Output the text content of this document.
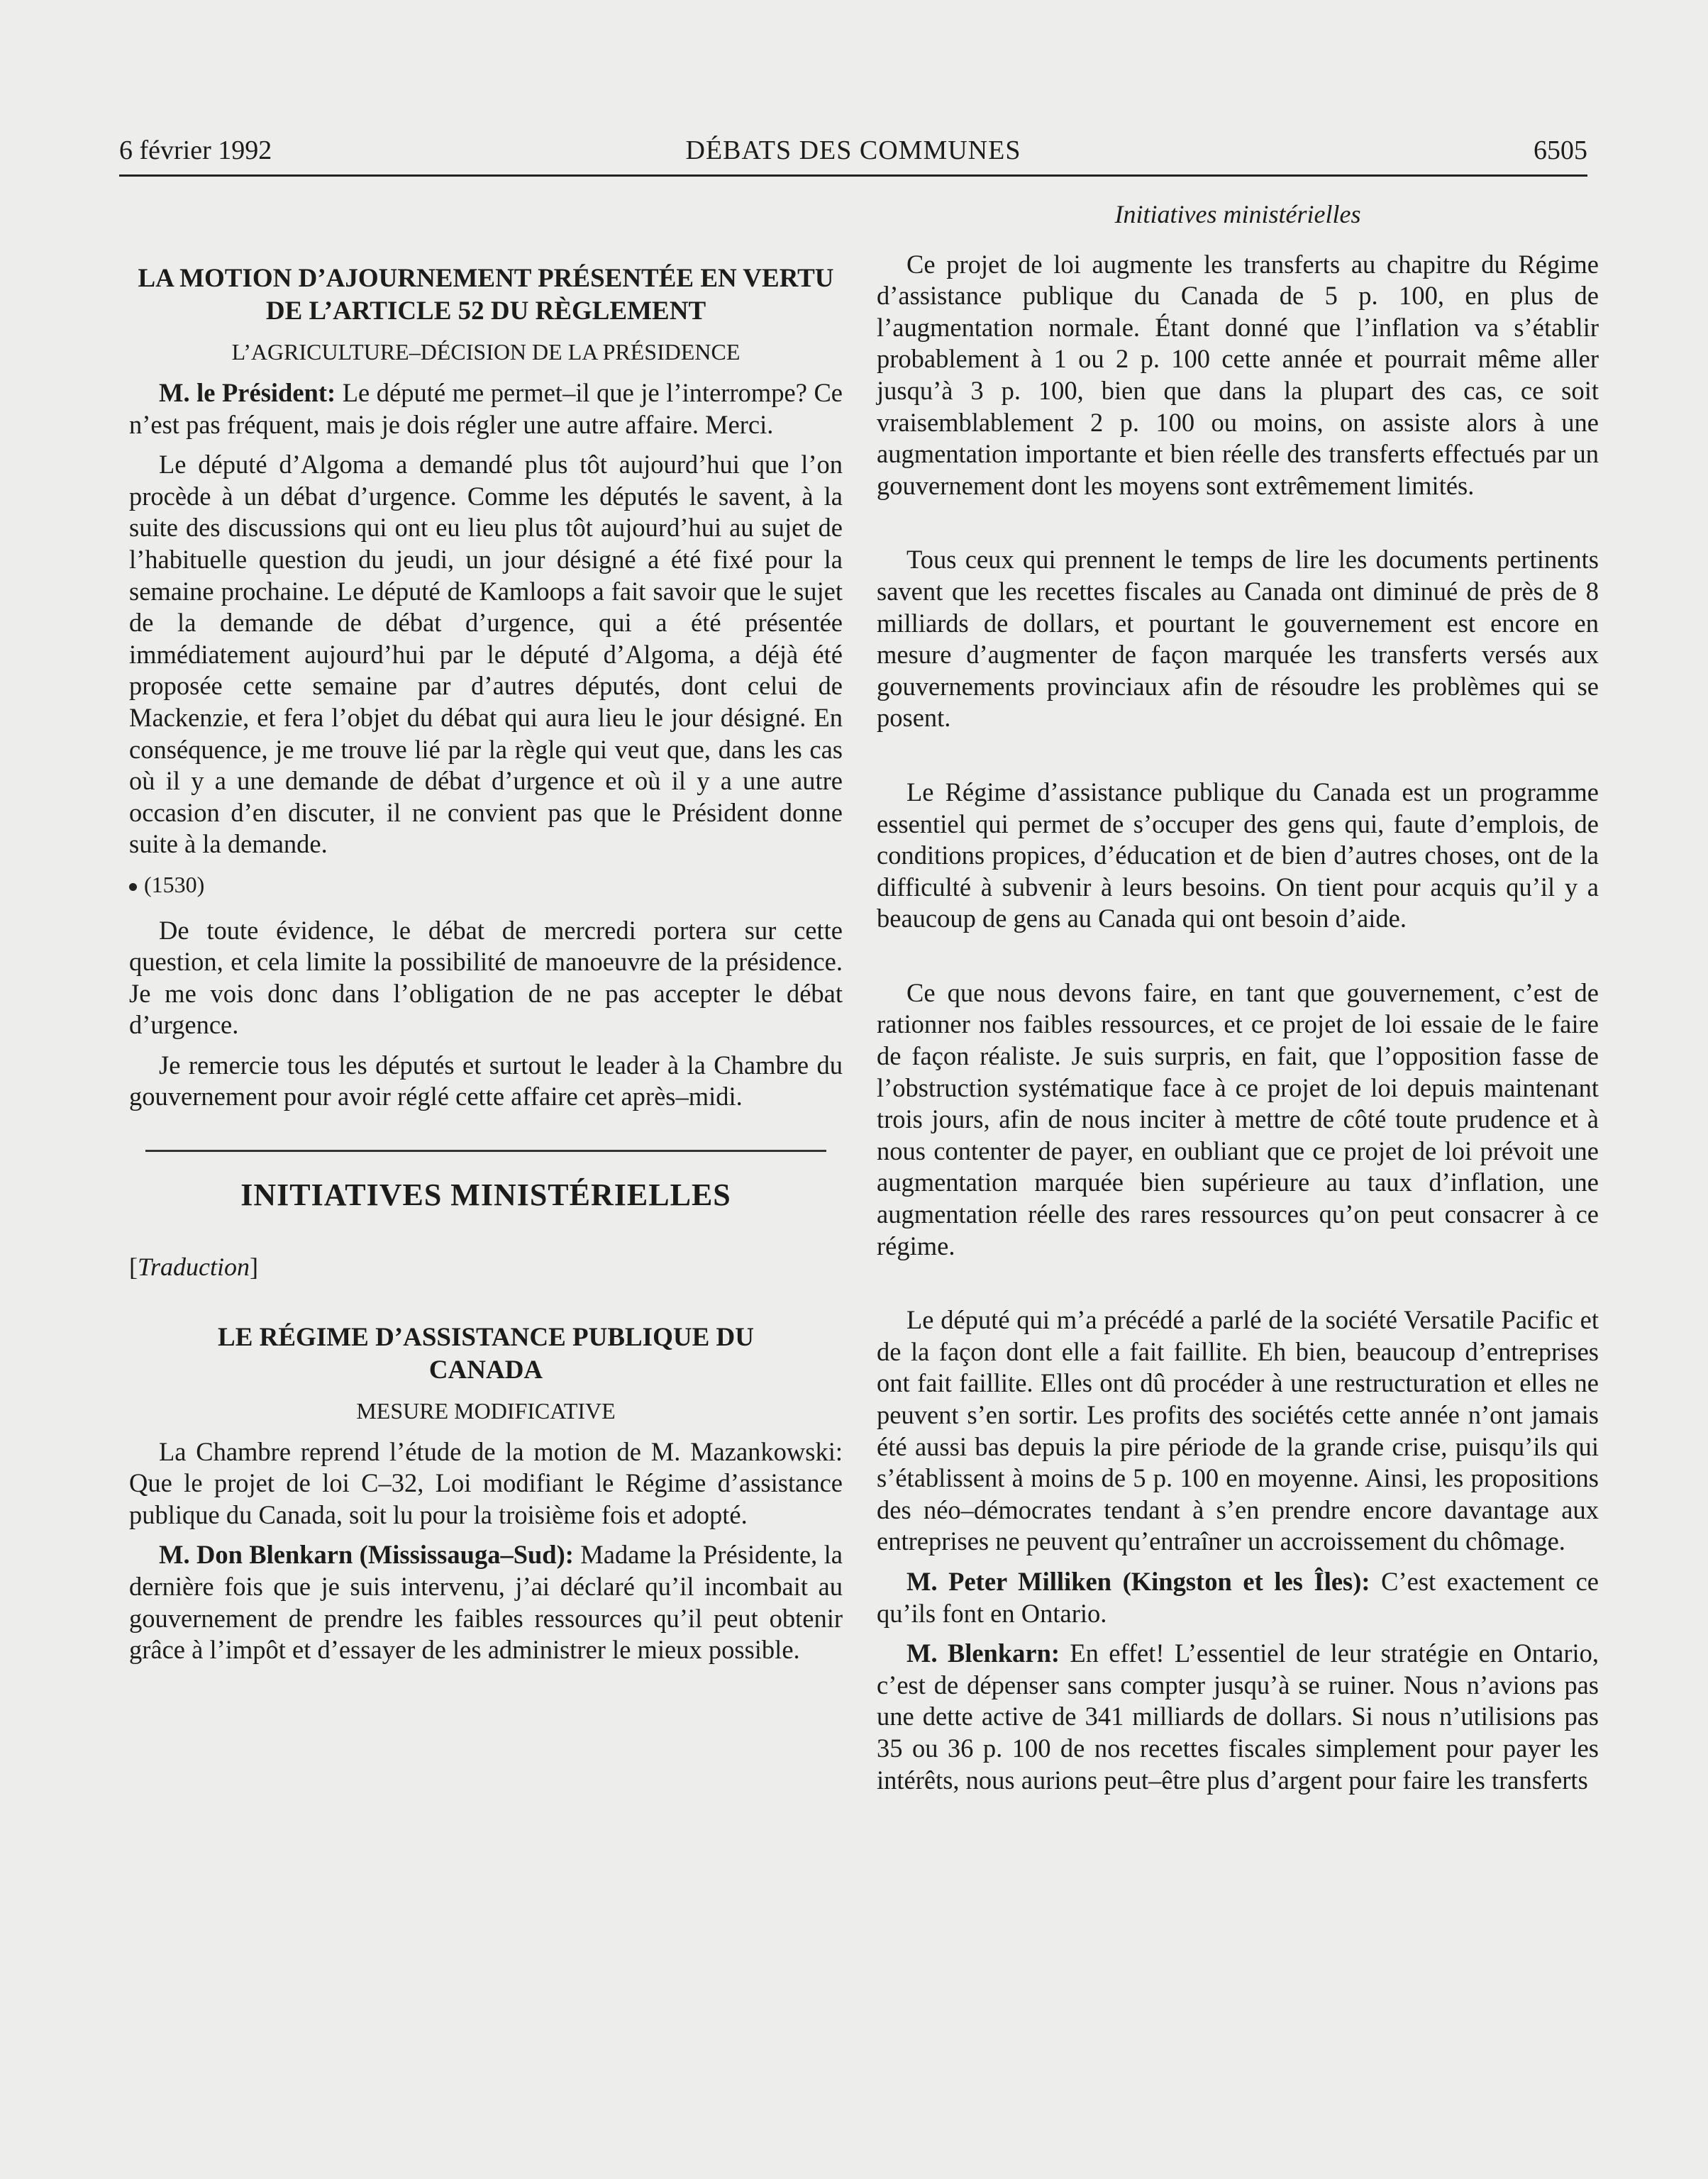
6 février 1992	DÉBATS DES COMMUNES	6505
LA MOTION D’AJOURNEMENT PRÉSENTÉE EN VERTU DE L’ARTICLE 52 DU RÈGLEMENT
L’AGRICULTURE–DÉCISION DE LA PRÉSIDENCE

M. le Président: Le député me permet–il que je l’interrompe? Ce n’est pas fréquent, mais je dois régler une autre affaire. Merci.

Le député d’Algoma a demandé plus tôt aujourd’hui que l’on procède à un débat d’urgence. Comme les députés le savent, à la suite des discussions qui ont eu lieu plus tôt aujourd’hui au sujet de l’habituelle question du jeudi, un jour désigné a été fixé pour la semaine prochaine. Le député de Kamloops a fait savoir que le sujet de la demande de débat d’urgence, qui a été présentée immédiatement aujourd’hui par le député d’Algoma, a déjà été proposée cette semaine par d’autres députés, dont celui de Mackenzie, et fera l’objet du débat qui aura lieu le jour désigné. En conséquence, je me trouve lié par la règle qui veut que, dans les cas où il y a une demande de débat d’urgence et où il y a une autre occasion d’en discuter, il ne convient pas que le Président donne suite à la demande.

(1530)

De toute évidence, le débat de mercredi portera sur cette question, et cela limite la possibilité de manoeuvre de la présidence. Je me vois donc dans l’obligation de ne pas accepter le débat d’urgence.

Je remercie tous les députés et surtout le leader à la Chambre du gouvernement pour avoir réglé cette affaire cet après–midi.

INITIATIVES MINISTÉRIELLES
[Traduction]
LE RÉGIME D’ASSISTANCE PUBLIQUE DU CANADA
MESURE MODIFICATIVE

La Chambre reprend l’étude de la motion de M. Mazankowski: Que le projet de loi C–32, Loi modifiant le Régime d’assistance publique du Canada, soit lu pour la troisième fois et adopté.

M. Don Blenkarn (Mississauga–Sud): Madame la Présidente, la dernière fois que je suis intervenu, j’ai déclaré qu’il incombait au gouvernement de prendre les faibles ressources qu’il peut obtenir grâce à l’impôt et d’essayer de les administrer le mieux possible.

Initiatives ministérielles

Ce projet de loi augmente les transferts au chapitre du Régime d’assistance publique du Canada de 5 p. 100, en plus de l’augmentation normale. Étant donné que l’inflation va s’établir probablement à 1 ou 2 p. 100 cette année et pourrait même aller jusqu’à 3 p. 100, bien que dans la plupart des cas, ce soit vraisemblablement 2 p. 100 ou moins, on assiste alors à une augmentation importante et bien réelle des transferts effectués par un gouvernement dont les moyens sont extrêmement limités.

Tous ceux qui prennent le temps de lire les documents pertinents savent que les recettes fiscales au Canada ont diminué de près de 8 milliards de dollars, et pourtant le gouvernement est encore en mesure d’augmenter de façon marquée les transferts versés aux gouvernements provinciaux afin de résoudre les problèmes qui se posent.

Le Régime d’assistance publique du Canada est un programme essentiel qui permet de s’occuper des gens qui, faute d’emplois, de conditions propices, d’éducation et de bien d’autres choses, ont de la difficulté à subvenir à leurs besoins. On tient pour acquis qu’il y a beaucoup de gens au Canada qui ont besoin d’aide.

Ce que nous devons faire, en tant que gouvernement, c’est de rationner nos faibles ressources, et ce projet de loi essaie de le faire de façon réaliste. Je suis surpris, en fait, que l’opposition fasse de l’obstruction systématique face à ce projet de loi depuis maintenant trois jours, afin de nous inciter à mettre de côté toute prudence et à nous contenter de payer, en oubliant que ce projet de loi prévoit une augmentation marquée bien supérieure au taux d’inflation, une augmentation réelle des rares ressources qu’on peut consacrer à ce régime.

Le député qui m’a précédé a parlé de la société Versatile Pacific et de la façon dont elle a fait faillite. Eh bien, beaucoup d’entreprises ont fait faillite. Elles ont dû procéder à une restructuration et elles ne peuvent s’en sortir. Les profits des sociétés cette année n’ont jamais été aussi bas depuis la pire période de la grande crise, puisqu’ils qui s’établissent à moins de 5 p. 100 en moyenne. Ainsi, les propositions des néo–démocrates tendant à s’en prendre encore davantage aux entreprises ne peuvent qu’entraîner un accroissement du chômage.

M. Peter Milliken (Kingston et les Îles): C’est exactement ce qu’ils font en Ontario.

M. Blenkarn: En effet! L’essentiel de leur stratégie en Ontario, c’est de dépenser sans compter jusqu’à se ruiner. Nous n’avions pas une dette active de 341 milliards de dollars. Si nous n’utilisions pas 35 ou 36 p. 100 de nos recettes fiscales simplement pour payer les intérêts, nous aurions peut–être plus d’argent pour faire les transferts
